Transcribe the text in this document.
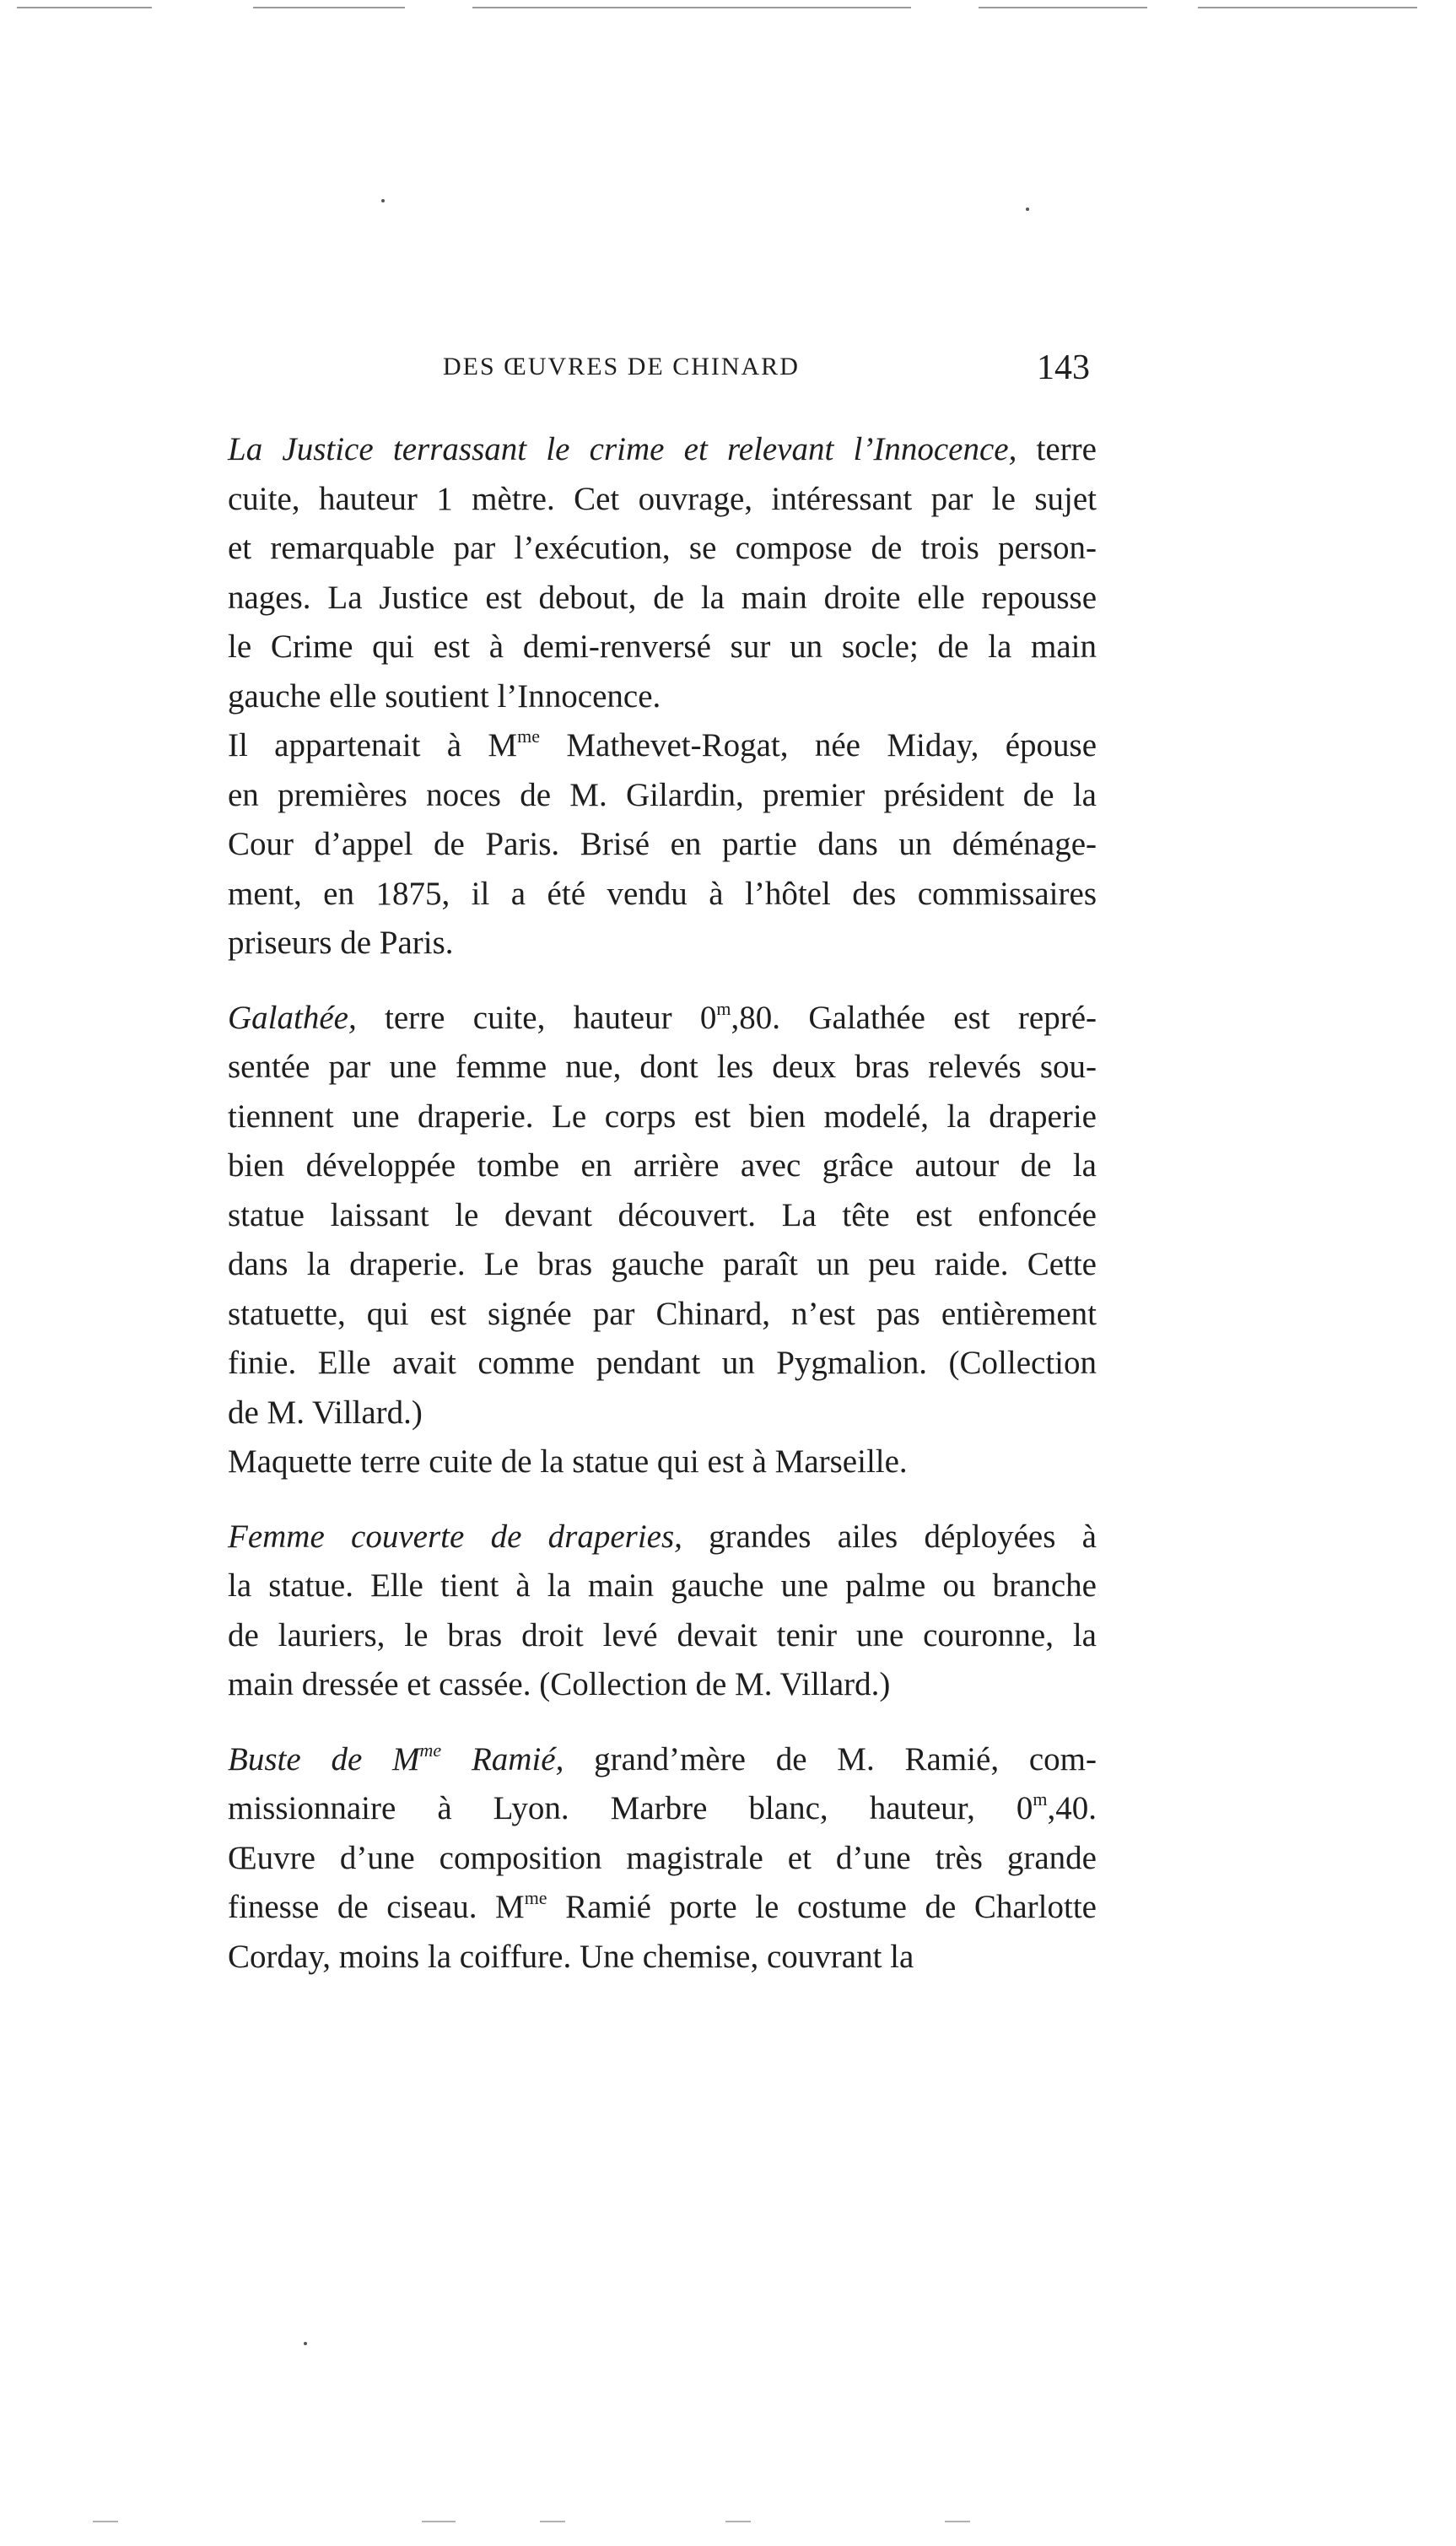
DES ŒUVRES DE CHINARD	143

La Justice terrassant le crime et relevant l’Innocence, terre
cuite, hauteur 1 mètre. Cet ouvrage, intéressant par le sujet
et remarquable par l’exécution, se compose de trois person-
nages. La Justice est debout, de la main droite elle repousse
le Crime qui est à demi-renversé sur un socle; de la main
gauche elle soutient l’Innocence.

Il appartenait à $M^{me}$ Mathevet-Rogat, née Miday, épouse
en premières noces de M. Gilardin, premier président de la
Cour d’appel de Paris. Brisé en partie dans un déménage-
ment, en 1875, il a été vendu à l’hôtel des commissaires
priseurs de Paris.

Galathée, terre cuite, hauteur 0$^m$,80. Galathée est repré-
sentée par une femme nue, dont les deux bras relevés sou-
tiennent une draperie. Le corps est bien modelé, la draperie
bien développée tombe en arrière avec grâce autour de la
statue laissant le devant découvert. La tête est enfoncée
dans la draperie. Le bras gauche paraît un peu raide. Cette
statuette, qui est signée par Chinard, n’est pas entièrement
finie. Elle avait comme pendant un Pygmalion. (Collection
de M. Villard.)

Maquette terre cuite de la statue qui est à Marseille.

Femme couverte de draperies, grandes ailes déployées à
la statue. Elle tient à la main gauche une palme ou branche
de lauriers, le bras droit levé devait tenir une couronne, la
main dressée et cassée. (Collection de M. Villard.)

Buste de $M^{me}$ Ramié, grand’mère de M. Ramié, com-
missionnaire à Lyon. Marbre blanc, hauteur, 0$^m$,40.
Œuvre d’une composition magistrale et d’une très grande
finesse de ciseau. $M^{me}$ Ramié porte le costume de Charlotte
Corday, moins la coiffure. Une chemise, couvrant la
